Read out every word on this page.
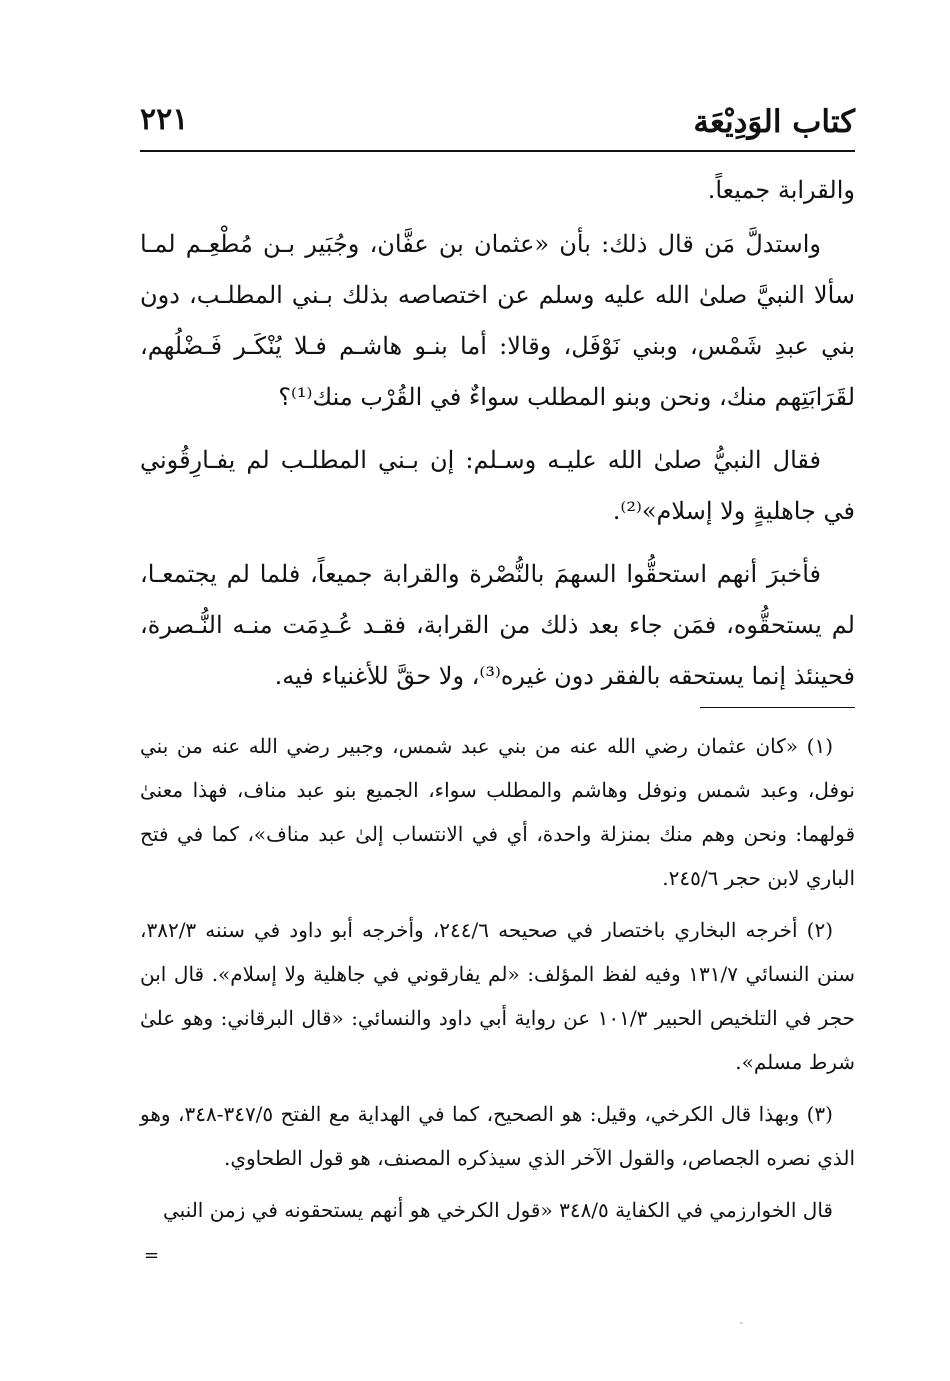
كتاب الوَدِيْعَة
٢٢١

والقرابة جميعاً.

واستدلَّ مَن قال ذلك: بأن «عثمان بن عفَّان، وجُبَير بـن مُطْعِـم لمـا سألا النبيَّ صلىٰ الله عليه وسلم عن اختصاصه بذلك بـني المطلـب، دون بني عبدِ شَمْس، وبني نَوْفَل، وقالا: أما بنـو هاشـم فـلا يُنْكَـر فَـضْلُهم، لقَرَابَتِهم منك، ونحن وبنو المطلب سواءٌ في القُرْب منك⁽¹⁾؟

فقال النبيُّ صلىٰ الله عليـه وسـلم: إن بـني المطلـب لم يفـارِقُوني في جاهليةٍ ولا إسلام»⁽²⁾.

فأخبرَ أنهم استحقُّوا السهمَ بالنُّصْرة والقرابة جميعاً، فلما لم يجتمعـا، لم يستحقُّوه، فمَن جاء بعد ذلك من القرابة، فقـد عُـدِمَت منـه النُّـصرة، فحينئذ إنما يستحقه بالفقر دون غيره⁽³⁾، ولا حقَّ للأغنياء فيه.

(١) «كان عثمان رضي الله عنه من بني عبد شمس، وجبير رضي الله عنه من بني نوفل، وعبد شمس ونوفل وهاشم والمطلب سواء، الجميع بنو عبد مناف، فهذا معنىٰ قولهما: ونحن وهم منك بمنزلة واحدة، أي في الانتساب إلىٰ عبد مناف»، كما في فتح الباري لابن حجر ٢٤٥/٦.

(٢) أخرجه البخاري باختصار في صحيحه ٢٤٤/٦، وأخرجه أبو داود في سننه ٣٨٢/٣، سنن النسائي ١٣١/٧ وفيه لفظ المؤلف: «لم يفارقوني في جاهلية ولا إسلام». قال ابن حجر في التلخيص الحبير ١٠١/٣ عن رواية أبي داود والنسائي: «قال البرقاني: وهو علىٰ شرط مسلم».

(٣) وبهذا قال الكرخي، وقيل: هو الصحيح، كما في الهداية مع الفتح ٣٤٧/٥-٣٤٨، وهو الذي نصره الجصاص، والقول الآخر الذي سيذكره المصنف، هو قول الطحاوي.

قال الخوارزمي في الكفاية ٣٤٨/٥ «قول الكرخي هو أنهم يستحقونه في زمن النبي

=
